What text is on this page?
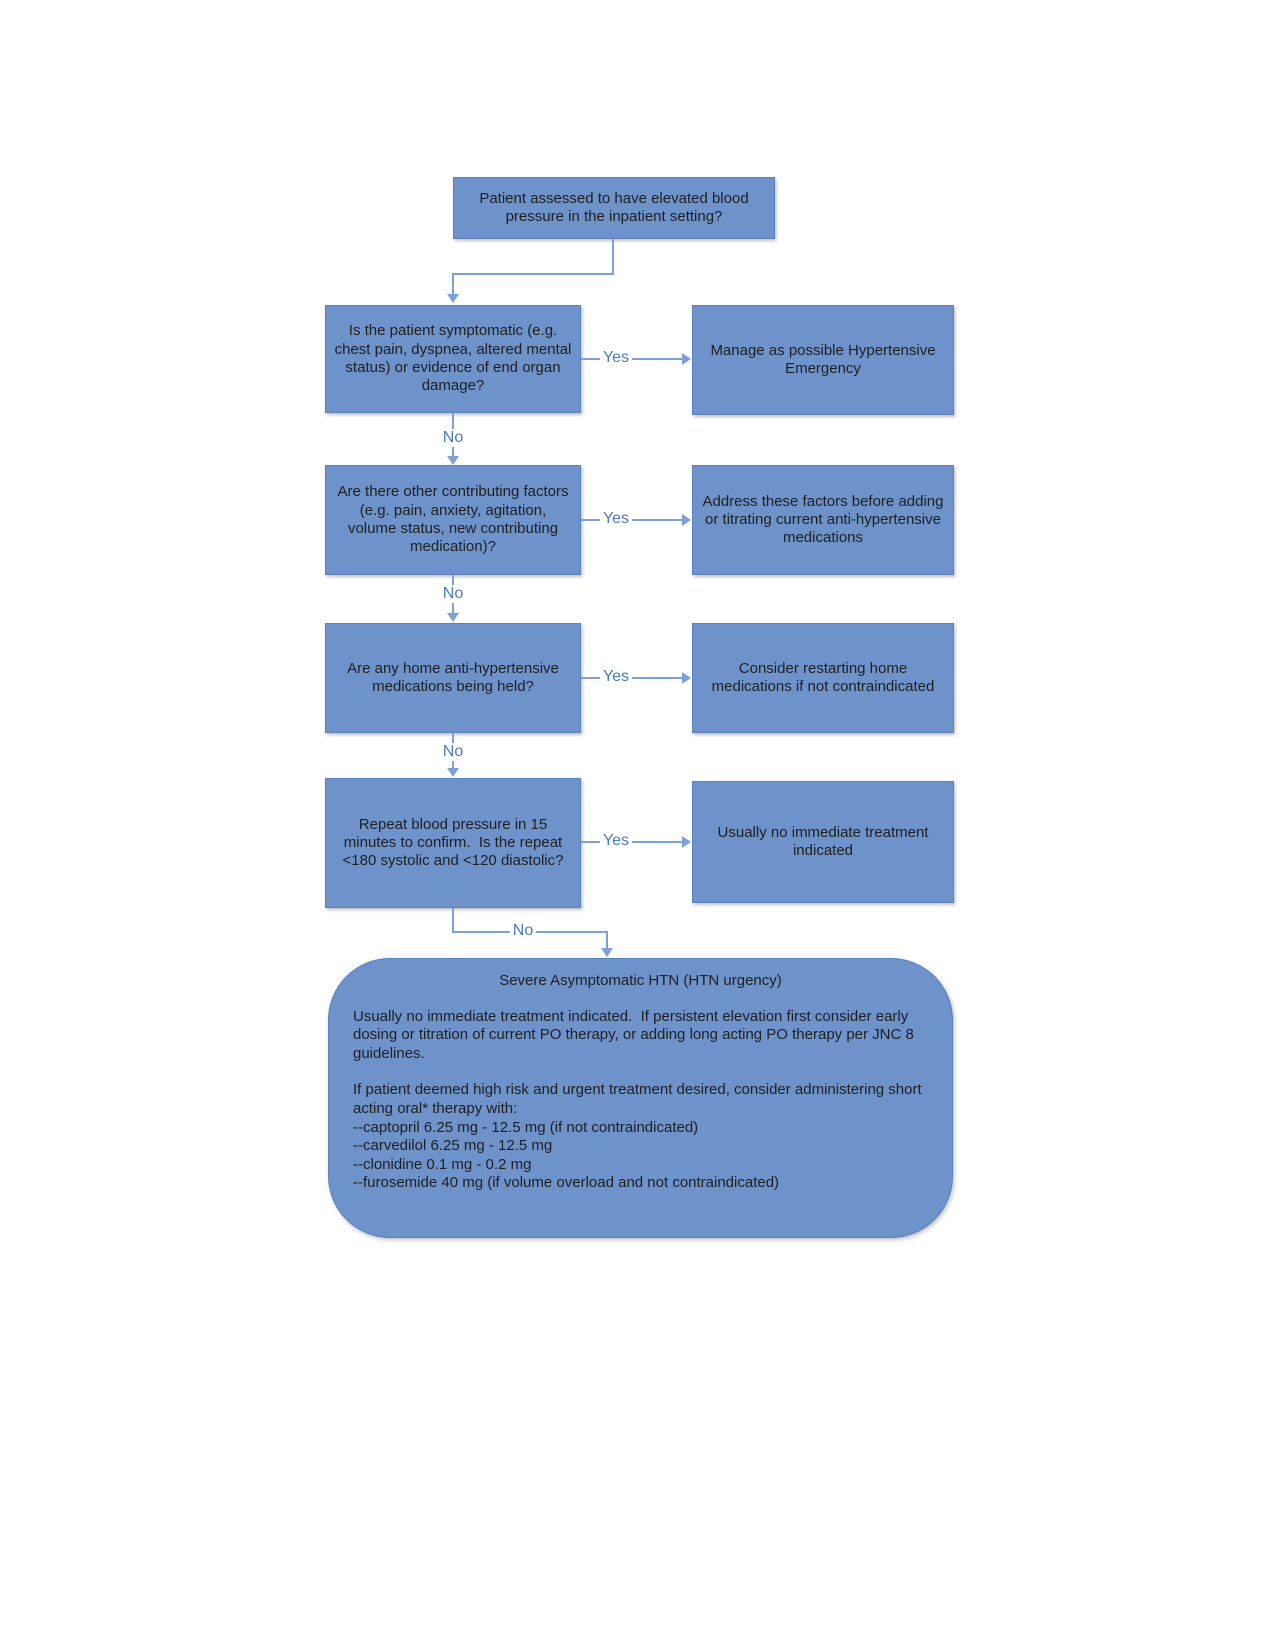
Patient assessed to have elevated blood pressure in the inpatient setting?
Is the patient symptomatic (e.g. chest pain, dyspnea, altered mental status) or evidence of end organ damage?
Yes	Manage as possible Hypertensive Emergency
No
Are there other contributing factors (e.g. pain, anxiety, agitation, volume status, new contributing medication)?
Yes
Address these factors before adding or titrating current anti-hypertensive medications
No
Are any home anti-hypertensive medications being held?
Yes	Consider restarting home medications if not contraindicated
No
Repeat blood pressure in 15 minutes to confirm.  Is the repeat <180 systolic and <120 diastolic?
Yes	Usually no immediate treatment indicated
No
Severe Asymptomatic HTN (HTN urgency)
Usually no immediate treatment indicated.  If persistent elevation first consider early dosing or titration of current PO therapy, or adding long acting PO therapy per JNC 8 guidelines.
If patient deemed high risk and urgent treatment desired, consider administering short acting oral* therapy with:
--captopril 6.25 mg - 12.5 mg (if not contraindicated)
--carvedilol 6.25 mg - 12.5 mg
--clonidine 0.1 mg - 0.2 mg
--furosemide 40 mg (if volume overload and not contraindicated)
